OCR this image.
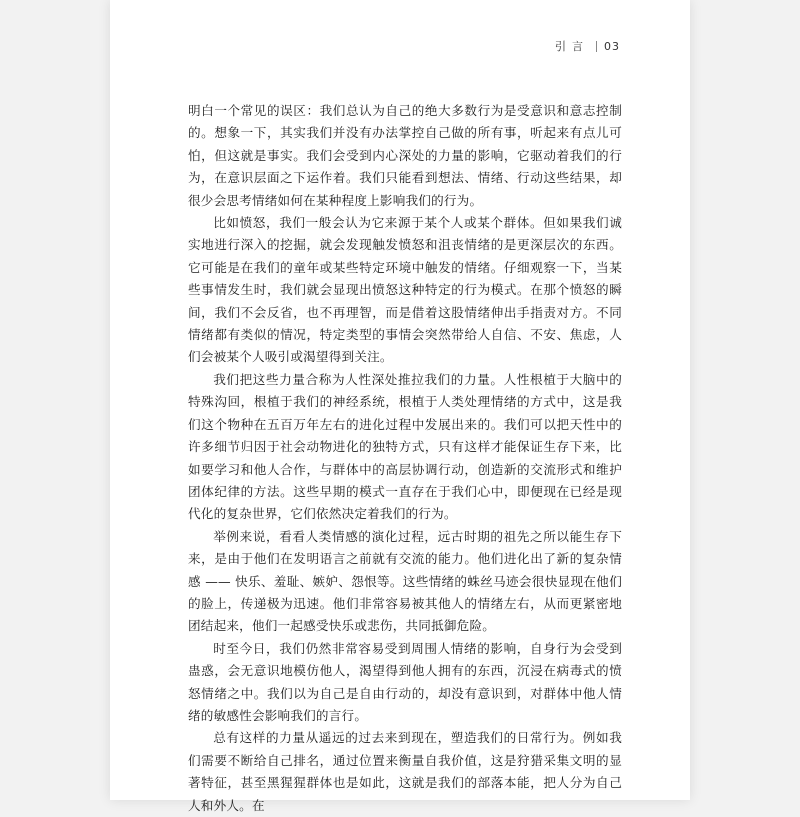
引言 03

明白一个常见的误区：我们总认为自己的绝大多数行为是受意识和意志控制的。想象一下，其实我们并没有办法掌控自己做的所有事，听起来有点儿可怕，但这就是事实。我们会受到内心深处的力量的影响，它驱动着我们的行为，在意识层面之下运作着。我们只能看到想法、情绪、行动这些结果，却很少会思考情绪如何在某种程度上影响我们的行为。

比如愤怒，我们一般会认为它来源于某个人或某个群体。但如果我们诚实地进行深入的挖掘，就会发现触发愤怒和沮丧情绪的是更深层次的东西。它可能是在我们的童年或某些特定环境中触发的情绪。仔细观察一下，当某些事情发生时，我们就会显现出愤怒这种特定的行为模式。在那个愤怒的瞬间，我们不会反省，也不再理智，而是借着这股情绪伸出手指责对方。不同情绪都有类似的情况，特定类型的事情会突然带给人自信、不安、焦虑，人们会被某个人吸引或渴望得到关注。

我们把这些力量合称为人性深处推拉我们的力量。人性根植于大脑中的特殊沟回，根植于我们的神经系统，根植于人类处理情绪的方式中，这是我们这个物种在五百万年左右的进化过程中发展出来的。我们可以把天性中的许多细节归因于社会动物进化的独特方式，只有这样才能保证生存下来，比如要学习和他人合作，与群体中的高层协调行动，创造新的交流形式和维护团体纪律的方法。这些早期的模式一直存在于我们心中，即便现在已经是现代化的复杂世界，它们依然决定着我们的行为。

举例来说，看看人类情感的演化过程，远古时期的祖先之所以能生存下来，是由于他们在发明语言之前就有交流的能力。他们进化出了新的复杂情感 —— 快乐、羞耻、嫉妒、怨恨等。这些情绪的蛛丝马迹会很快显现在他们的脸上，传递极为迅速。他们非常容易被其他人的情绪左右，从而更紧密地团结起来，他们一起感受快乐或悲伤，共同抵御危险。

时至今日，我们仍然非常容易受到周围人情绪的影响，自身行为会受到蛊惑，会无意识地模仿他人，渴望得到他人拥有的东西，沉浸在病毒式的愤怒情绪之中。我们以为自己是自由行动的，却没有意识到，对群体中他人情绪的敏感性会影响我们的言行。

总有这样的力量从遥远的过去来到现在，塑造我们的日常行为。例如我们需要不断给自己排名，通过位置来衡量自我价值，这是狩猎采集文明的显著特征，甚至黑猩猩群体也是如此，这就是我们的部落本能，把人分为自己人和外人。在
